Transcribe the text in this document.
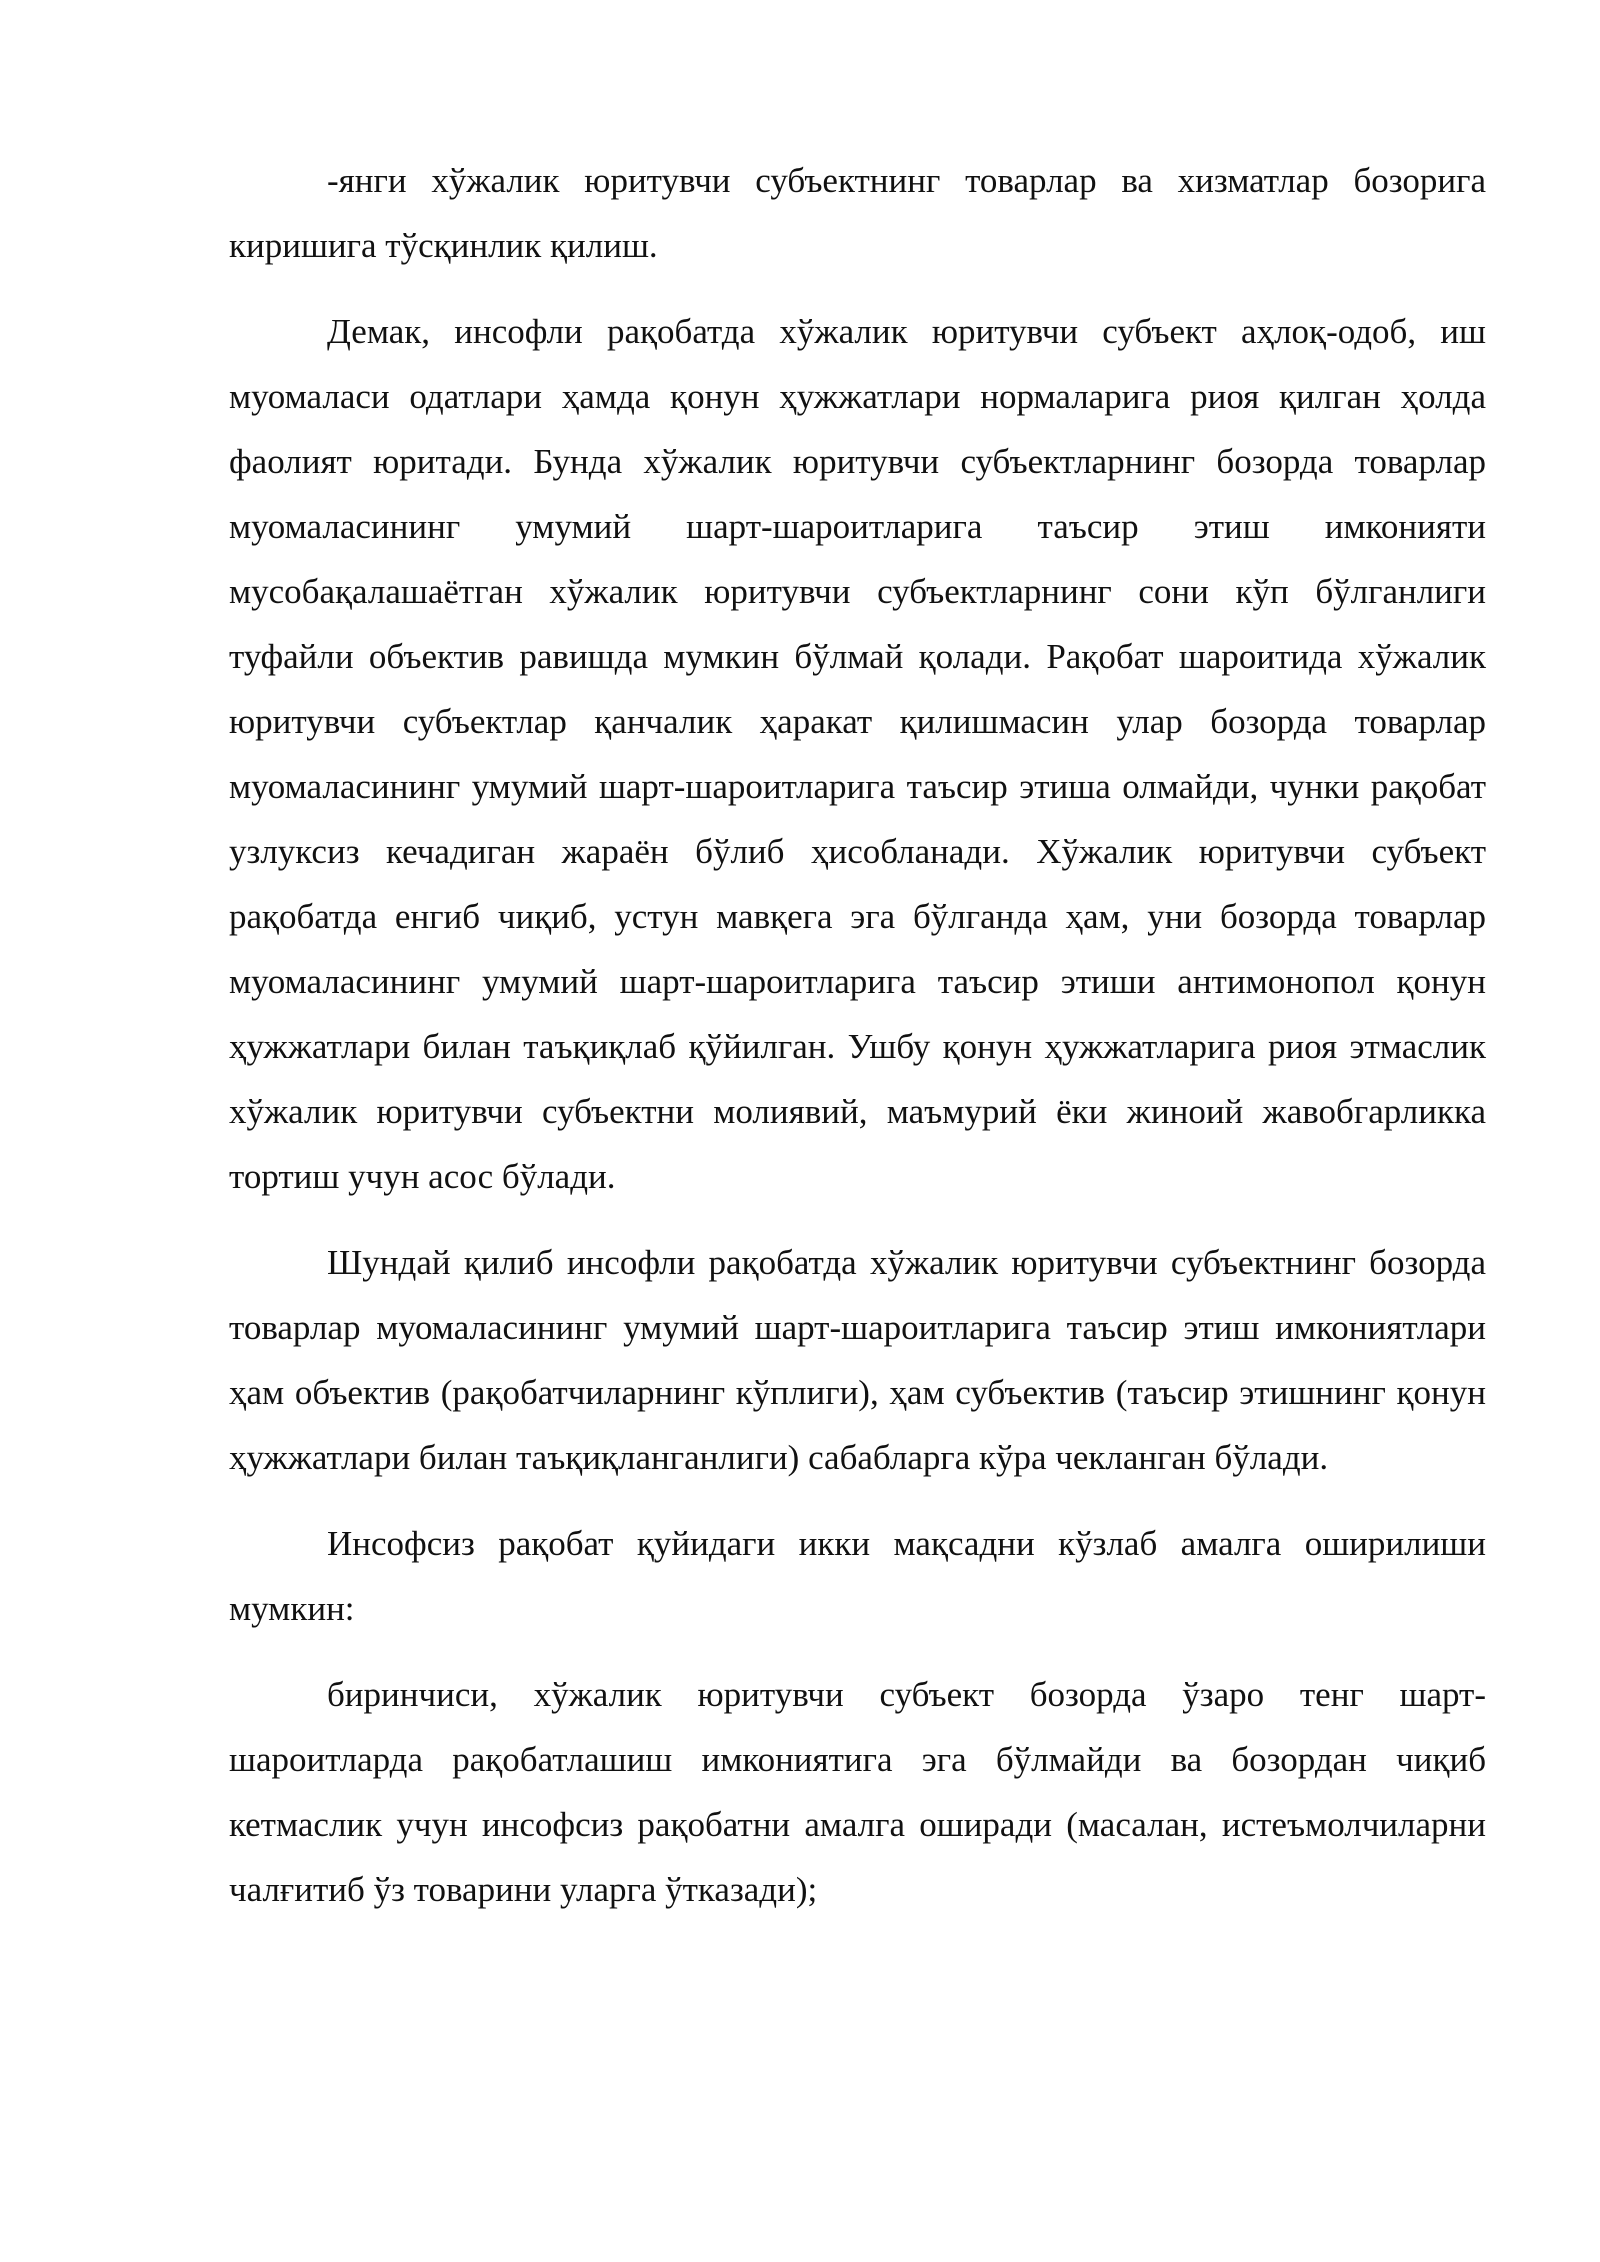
-янги хўжалик юритувчи субъектнинг товарлар ва хизматлар бозорига киришига тўсқинлик қилиш.

Демак, инсофли рақобатда хўжалик юритувчи субъект аҳлоқ-одоб, иш муомаласи одатлари ҳамда қонун ҳужжатлари нормаларига риоя қилган ҳолда фаолият юритади. Бунда хўжалик юритувчи субъектларнинг бозорда товарлар муомаласининг умумий шарт-шароитларига таъсир этиш имконияти мусобақалашаётган хўжалик юритувчи субъектларнинг сони кўп бўлганлиги туфайли объектив равишда мумкин бўлмай қолади. Рақобат шароитида хўжалик юритувчи субъектлар қанчалик ҳаракат қилишмасин улар бозорда товарлар муомаласининг умумий шарт-шароитларига таъсир этиша олмайди, чунки рақобат узлуксиз кечадиган жараён бўлиб ҳисобланади. Хўжалик юритувчи субъект рақобатда енгиб чиқиб, устун мавқега эга бўлганда ҳам, уни бозорда товарлар муомаласининг умумий шарт-шароитларига таъсир этиши антимонопол қонун ҳужжатлари билан таъқиқлаб қўйилган. Ушбу қонун ҳужжатларига риоя этмаслик хўжалик юритувчи субъектни молиявий, маъмурий ёки жиноий жавобгарликка тортиш учун асос бўлади.

Шундай қилиб инсофли рақобатда хўжалик юритувчи субъектнинг бозорда товарлар муомаласининг умумий шарт-шароитларига таъсир этиш имкониятлари ҳам объектив (рақобатчиларнинг кўплиги), ҳам субъектив (таъсир этишнинг қонун ҳужжатлари билан таъқиқланганлиги) сабабларга кўра чекланган бўлади.

Инсофсиз рақобат қуйидаги икки мақсадни кўзлаб амалга оширилиши мумкин:

биринчиси, хўжалик юритувчи субъект бозорда ўзаро тенг шарт-шароитларда рақобатлашиш имкониятига эга бўлмайди ва бозордан чиқиб кетмаслик учун инсофсиз рақобатни амалга оширади (масалан, истеъмолчиларни чалғитиб ўз товарини уларга ўтказади);
